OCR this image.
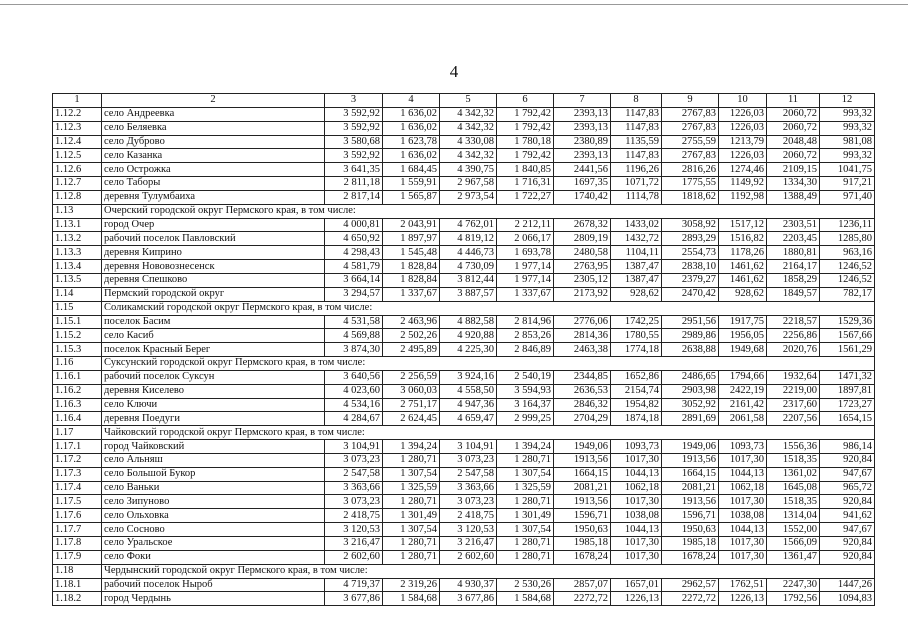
4
1	2	3	4	5	6	7	8	9	10	11	12
1.12.2	село Андреевка	3 592,92	1 636,02	4 342,32	1 792,42	2393,13	1147,83	2767,83	1226,03	2060,72	993,32
1.12.3	село Беляевка	3 592,92	1 636,02	4 342,32	1 792,42	2393,13	1147,83	2767,83	1226,03	2060,72	993,32
1.12.4	село Дуброво	3 580,68	1 623,78	4 330,08	1 780,18	2380,89	1135,59	2755,59	1213,79	2048,48	981,08
1.12.5	село Казанка	3 592,92	1 636,02	4 342,32	1 792,42	2393,13	1147,83	2767,83	1226,03	2060,72	993,32
1.12.6	село Острожка	3 641,35	1 684,45	4 390,75	1 840,85	2441,56	1196,26	2816,26	1274,46	2109,15	1041,75
1.12.7	село Таборы	2 811,18	1 559,91	2 967,58	1 716,31	1697,35	1071,72	1775,55	1149,92	1334,30	917,21
1.12.8	деревня Тулумбаиха	2 817,14	1 565,87	2 973,54	1 722,27	1740,42	1114,78	1818,62	1192,98	1388,49	971,40
1.13	Очерский городской округ Пермского края, в том числе:										
1.13.1	город Очер	4 000,81	2 043,91	4 762,01	2 212,11	2678,32	1433,02	3058,92	1517,12	2303,51	1236,11
1.13.2	рабочий поселок Павловский	4 650,92	1 897,97	4 819,12	2 066,17	2809,19	1432,72	2893,29	1516,82	2203,45	1285,80
1.13.3	деревня Киприно	4 298,43	1 545,48	4 446,73	1 693,78	2480,58	1104,11	2554,73	1178,26	1880,81	963,16
1.13.4	деревня Нововознесенск	4 581,79	1 828,84	4 730,09	1 977,14	2763,95	1387,47	2838,10	1461,62	2164,17	1246,52
1.13.5	деревня Спешково	3 664,14	1 828,84	3 812,44	1 977,14	2305,12	1387,47	2379,27	1461,62	1858,29	1246,52
1.14	Пермский городской округ	3 294,57	1 337,67	3 887,57	1 337,67	2173,92	928,62	2470,42	928,62	1849,57	782,17
1.15	Соликамский городской округ Пермского края, в том числе:										
1.15.1	поселок Басим	4 531,58	2 463,96	4 882,58	2 814,96	2776,06	1742,25	2951,56	1917,75	2218,57	1529,36
1.15.2	село Касиб	4 569,88	2 502,26	4 920,88	2 853,26	2814,36	1780,55	2989,86	1956,05	2256,86	1567,66
1.15.3	поселок Красный Берег	3 874,30	2 495,89	4 225,30	2 846,89	2463,38	1774,18	2638,88	1949,68	2020,76	1561,29
1.16	Суксунский городской округ Пермского края, в том числе:										
1.16.1	рабочий поселок Суксун	3 640,56	2 256,59	3 924,16	2 540,19	2344,85	1652,86	2486,65	1794,66	1932,64	1471,32
1.16.2	деревня Киселево	4 023,60	3 060,03	4 558,50	3 594,93	2636,53	2154,74	2903,98	2422,19	2219,00	1897,81
1.16.3	село Ключи	4 534,16	2 751,17	4 947,36	3 164,37	2846,32	1954,82	3052,92	2161,42	2317,60	1723,27
1.16.4	деревня Поедуги	4 284,67	2 624,45	4 659,47	2 999,25	2704,29	1874,18	2891,69	2061,58	2207,56	1654,15
1.17	Чайковский городской округ Пермского края, в том числе:										
1.17.1	город Чайковский	3 104,91	1 394,24	3 104,91	1 394,24	1949,06	1093,73	1949,06	1093,73	1556,36	986,14
1.17.2	село Альняш	3 073,23	1 280,71	3 073,23	1 280,71	1913,56	1017,30	1913,56	1017,30	1518,35	920,84
1.17.3	село Большой Букор	2 547,58	1 307,54	2 547,58	1 307,54	1664,15	1044,13	1664,15	1044,13	1361,02	947,67
1.17.4	село Ваньки	3 363,66	1 325,59	3 363,66	1 325,59	2081,21	1062,18	2081,21	1062,18	1645,08	965,72
1.17.5	село Зипуново	3 073,23	1 280,71	3 073,23	1 280,71	1913,56	1017,30	1913,56	1017,30	1518,35	920,84
1.17.6	село Ольховка	2 418,75	1 301,49	2 418,75	1 301,49	1596,71	1038,08	1596,71	1038,08	1314,04	941,62
1.17.7	село Сосново	3 120,53	1 307,54	3 120,53	1 307,54	1950,63	1044,13	1950,63	1044,13	1552,00	947,67
1.17.8	село Уральское	3 216,47	1 280,71	3 216,47	1 280,71	1985,18	1017,30	1985,18	1017,30	1566,09	920,84
1.17.9	село Фоки	2 602,60	1 280,71	2 602,60	1 280,71	1678,24	1017,30	1678,24	1017,30	1361,47	920,84
1.18	Чердынский городской округ Пермского края, в том числе:										
1.18.1	рабочий поселок Ныроб	4 719,37	2 319,26	4 930,37	2 530,26	2857,07	1657,01	2962,57	1762,51	2247,30	1447,26
1.18.2	город Чердынь	3 677,86	1 584,68	3 677,86	1 584,68	2272,72	1226,13	2272,72	1226,13	1792,56	1094,83
